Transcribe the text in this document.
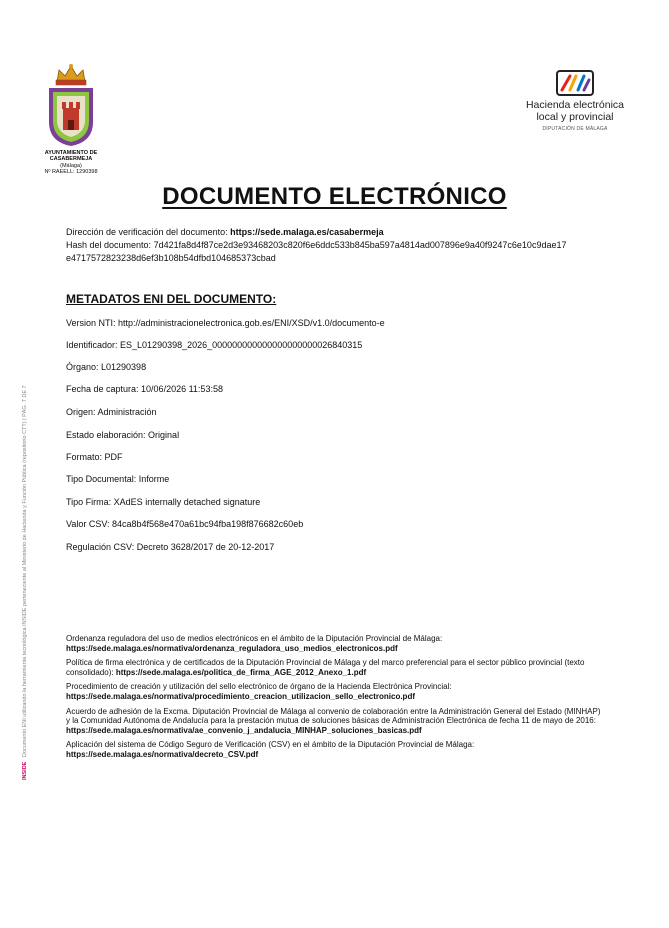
AYUNTAMIENTO DE CASABERMEJA
(Málaga)
Nº RAEELL: 1290398
Hacienda electrónica
local y provincial
DIPUTACIÓN DE MÁLAGA
DOCUMENTO ELECTRÓNICO
INSIDE   Documento ENI utilizando la herramienta tecnológica INSIDE perteneciente al Ministerio de Hacienda y Función Pública (repositorio CTT) | PÁG. 7 DE 7
Dirección de verificación del documento: https://sede.malaga.es/casabermeja
Hash del documento: 7d421fa8d4f87ce2d3e93468203c820f6e6ddc533b845ba597a4814ad007896e9a40f9247c6e10c9dae17
e4717572823238d6ef3b108b54dfbd104685373cbad
METADATOS ENI DEL DOCUMENTO:
Version NTI: http://administracionelectronica.gob.es/ENI/XSD/v1.0/documento-e
Identificador: ES_L01290398_2026_000000000000000000000026840315
Órgano: L01290398
Fecha de captura: 10/06/2026 11:53:58
Origen: Administración
Estado elaboración: Original
Formato: PDF
Tipo Documental: Informe
Tipo Firma: XAdES internally detached signature
Valor CSV: 84ca8b4f568e470a61bc94fba198f876682c60eb
Regulación CSV: Decreto 3628/2017 de 20-12-2017
Ordenanza reguladora del uso de medios electrónicos en el ámbito de la Diputación Provincial de Málaga:
https://sede.malaga.es/normativa/ordenanza_reguladora_uso_medios_electronicos.pdf
Política de firma electrónica y de certificados de la Diputación Provincial de Málaga y del marco preferencial para el sector público provincial (texto consolidado): https://sede.malaga.es/politica_de_firma_AGE_2012_Anexo_1.pdf
Procedimiento de creación y utilización del sello electrónico de órgano de la Hacienda Electrónica Provincial:
https://sede.malaga.es/normativa/procedimiento_creacion_utilizacion_sello_electronico.pdf
Acuerdo de adhesión de la Excma. Diputación Provincial de Málaga al convenio de colaboración entre la Administración General del Estado (MINHAP) y la Comunidad Autónoma de Andalucía para la prestación mutua de soluciones básicas de Administración Electrónica de fecha 11 de mayo de 2016: https://sede.malaga.es/normativa/ae_convenio_j_andalucia_MINHAP_soluciones_basicas.pdf
Aplicación del sistema de Código Seguro de Verificación (CSV) en el ámbito de la Diputación Provincial de Málaga:
https://sede.malaga.es/normativa/decreto_CSV.pdf
